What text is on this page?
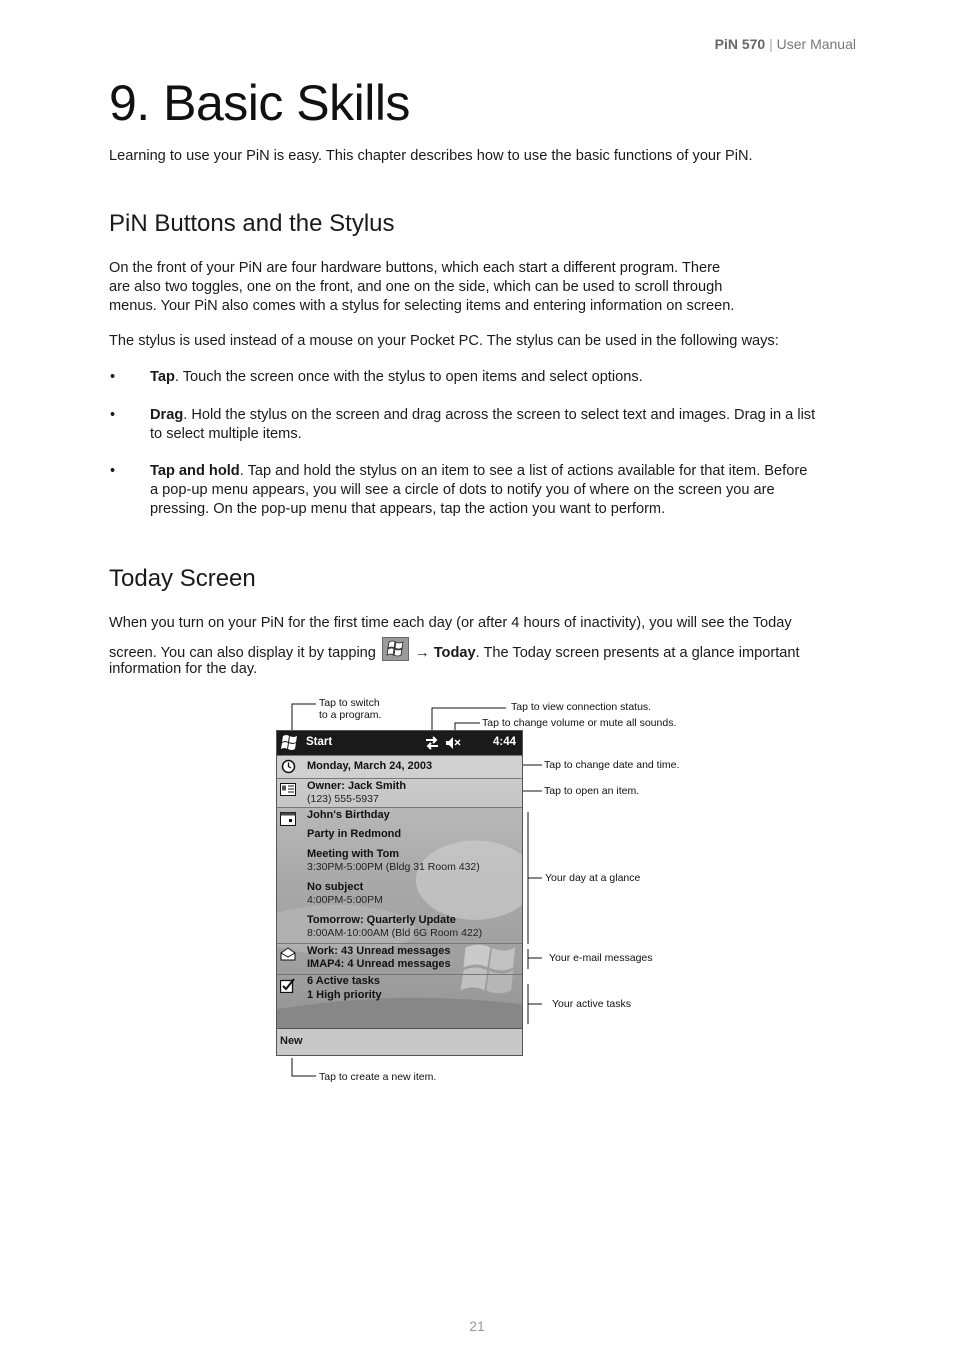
PiN 570 | User Manual
9. Basic Skills

Learning to use your PiN is easy. This chapter describes how to use the basic functions of your PiN.

PiN Buttons and the Stylus

On the front of your PiN are four hardware buttons, which each start a different program. There

are also two toggles, one on the front, and one on the side, which can be used to scroll through

menus. Your PiN also comes with a stylus for selecting items and entering information on screen.

The stylus is used instead of a mouse on your Pocket PC. The stylus can be used in the following ways:

• Tap. Touch the screen once with the stylus to open items and select options.

• Drag. Hold the stylus on the screen and drag across the screen to select text and images. Drag in a list

to select multiple items.

• Tap and hold. Tap and hold the stylus on an item to see a list of actions available for that item. Before

a pop-up menu appears, you will see a circle of dots to notify you of where on the screen you are

pressing. On the pop-up menu that appears, tap the action you want to perform.

Today Screen

When you turn on your PiN for the first time each day (or after 4 hours of inactivity), you will see the Today

screen. You can also display it by tapping	→ Today. The Today screen presents at a glance important

information for the day.

Tap to switch
to a program.
Tap to view connection status.
Tap to change volume or mute all sounds.
Tap to change date and time.
Tap to open an item.
Your day at a glance
Your e-mail messages
Your active tasks
Tap to create a new item.
Start	4:44
Monday, March 24, 2003
Owner: Jack Smith
(123) 555-5937
John's Birthday
Party in Redmond
Meeting with Tom
3:30PM-5:00PM (Bldg 31 Room 432)
No subject
4:00PM-5:00PM
Tomorrow: Quarterly Update
8:00AM-10:00AM (Bld 6G Room 422)
Work: 43 Unread messages
IMAP4: 4 Unread messages
6 Active tasks
1 High priority
New
21
